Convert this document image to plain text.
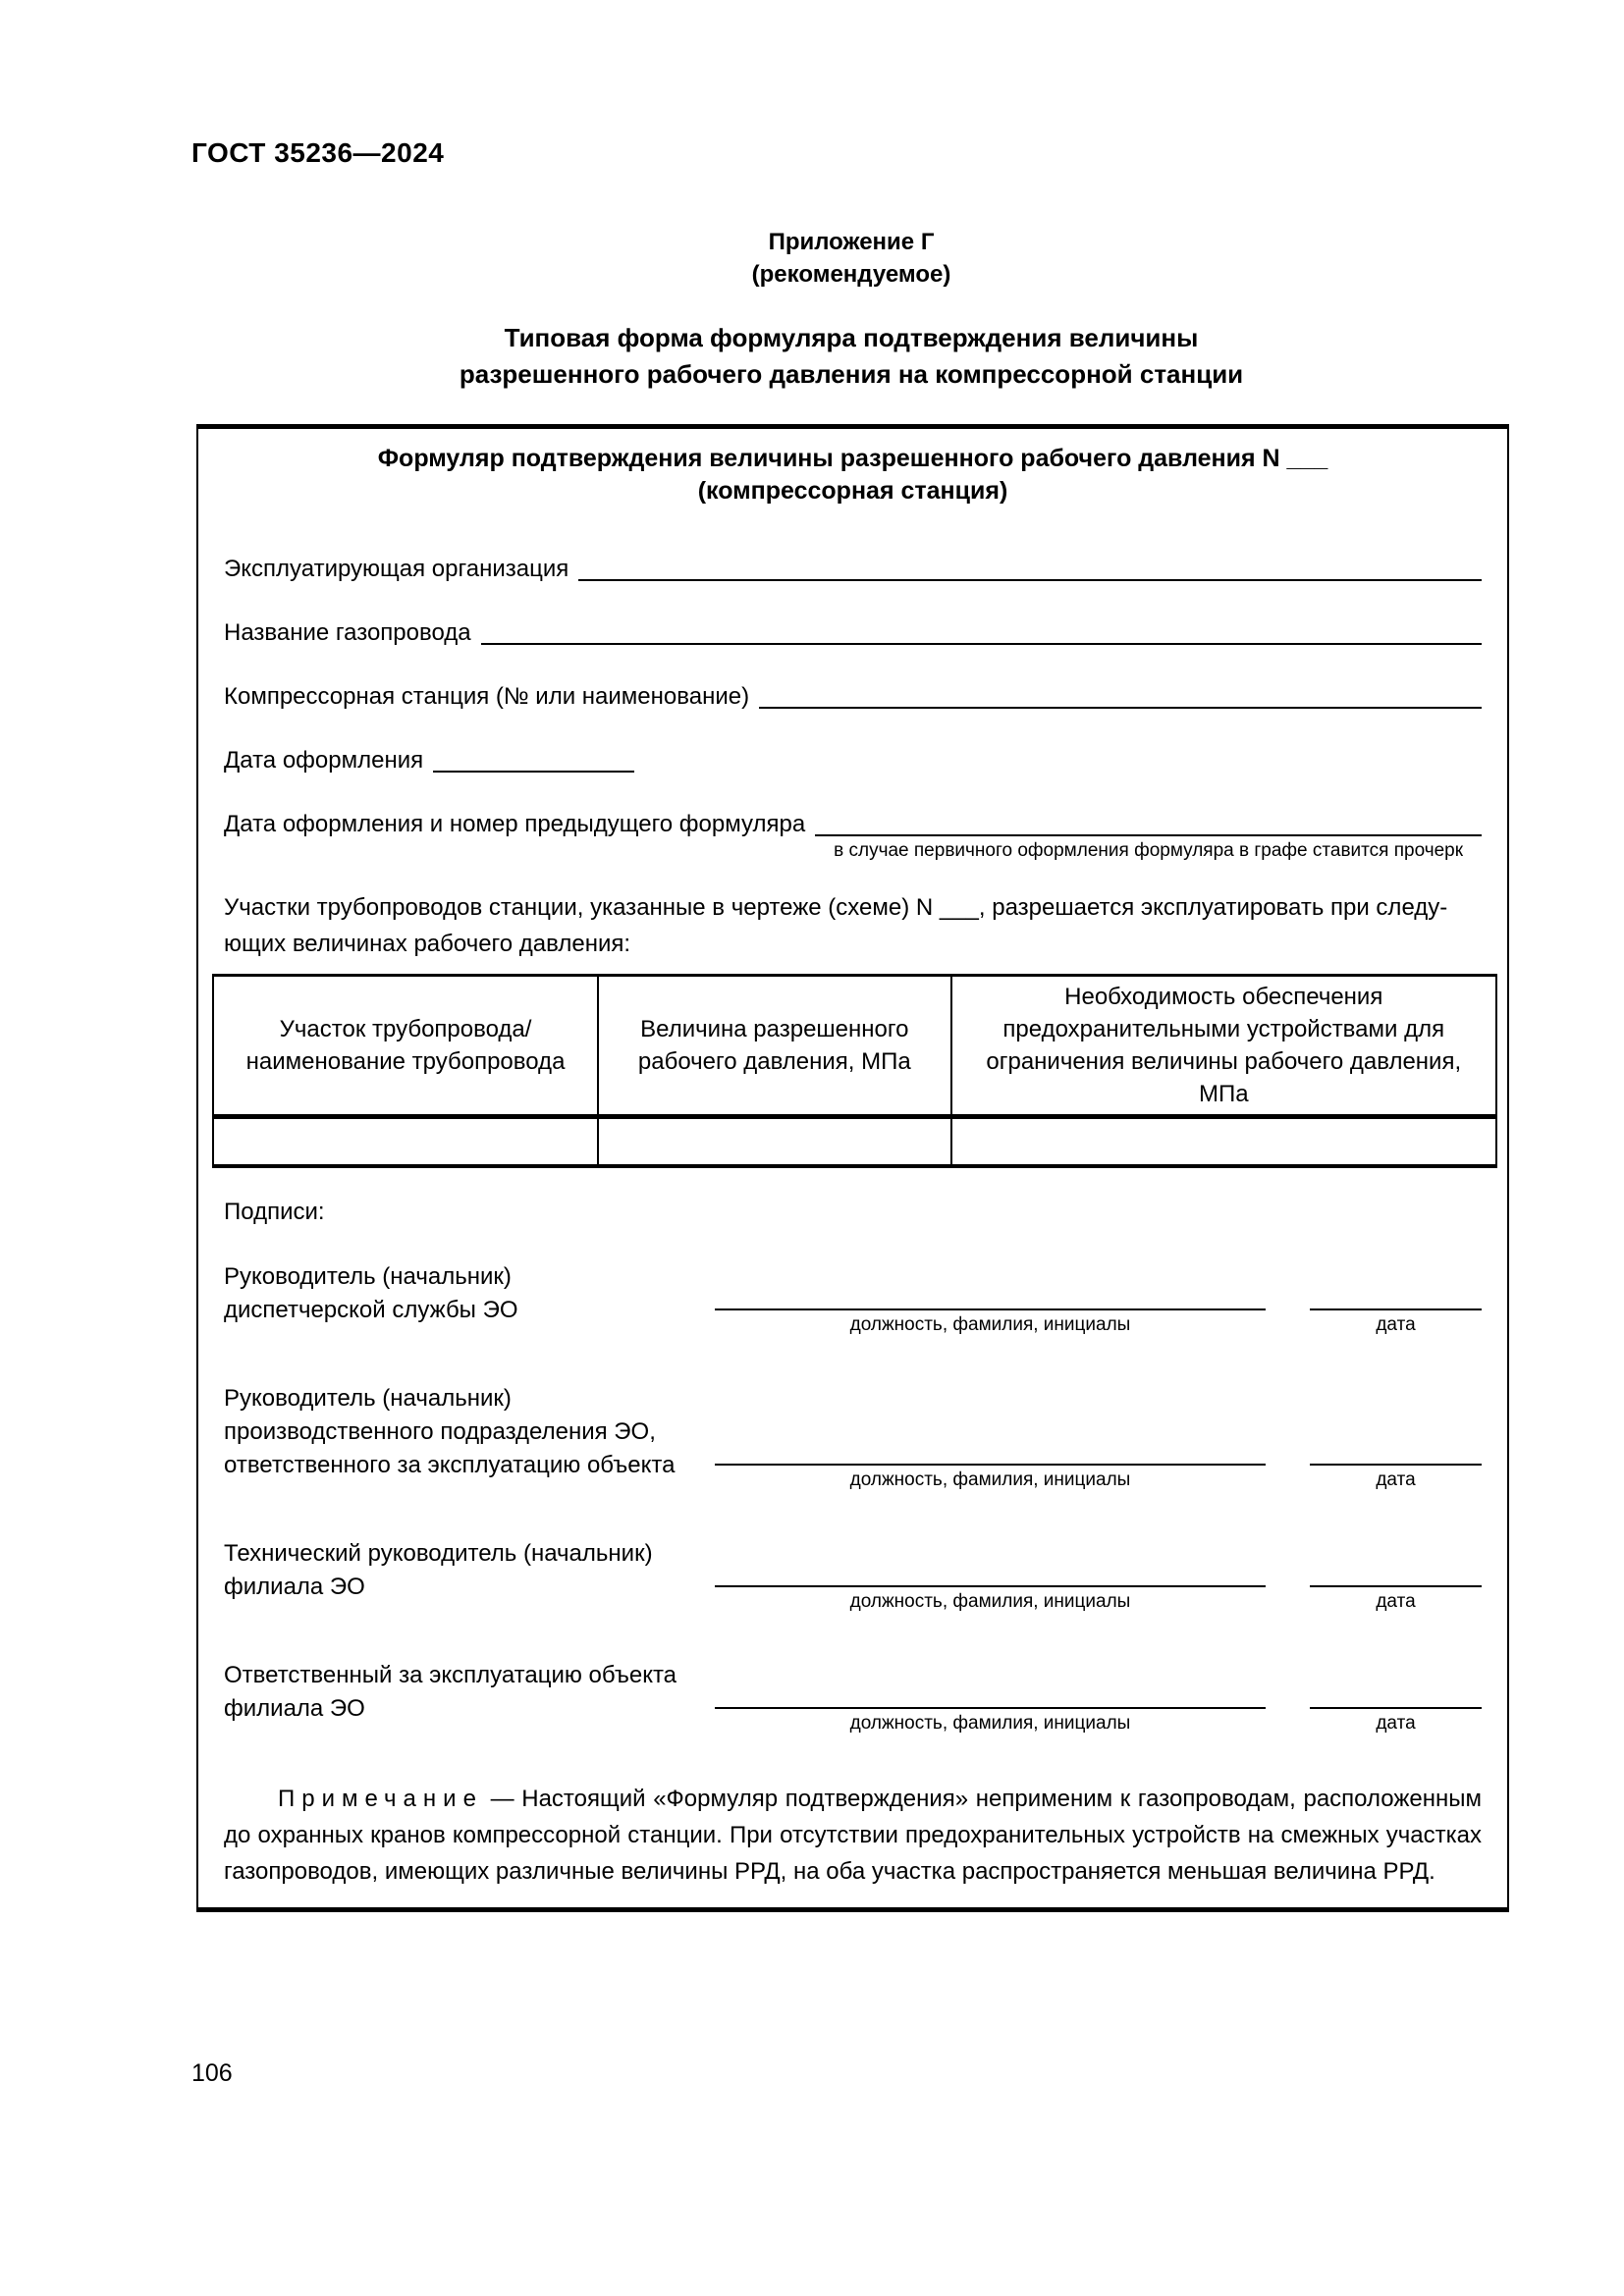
ГОСТ 35236—2024
Приложение Г
(рекомендуемое)
Типовая форма формуляра подтверждения величины
разрешенного рабочего давления на компрессорной станции
Формуляр подтверждения величины разрешенного рабочего давления N ___
(компрессорная станция)
Эксплуатирующая организация
Название газопровода
Компрессорная станция (№ или наименование)
Дата оформления
Дата оформления и номер предыдущего формуляра
в случае первичного оформления формуляра в графе ставится прочерк

Участки трубопроводов станции, указанные в чертеже (схеме) N ___, разрешается эксплуатировать при следу-
ющих величинах рабочего давления:

Участок трубопровода/ наименование трубопровода	Величина разрешенного рабочего давления, МПа	Необходимость обеспечения предохранительными устройствами для ограничения величины рабочего давления, МПа

Подписи:
Руководитель (начальник)
диспетчерской службы ЭО
должность, фамилия, инициалы	дата
Руководитель (начальник)
производственного подразделения ЭО,
ответственного за эксплуатацию объекта
должность, фамилия, инициалы	дата
Технический руководитель (начальник)
филиала ЭО
должность, фамилия, инициалы	дата
Ответственный за эксплуатацию объекта
филиала ЭО
должность, фамилия, инициалы	дата

Примечание — Настоящий «Формуляр подтверждения» неприменим к газопроводам, расположенным до охранных кранов компрессорной станции. При отсутствии предохранительных устройств на смежных участках газопроводов, имеющих различные величины РРД, на оба участка распространяется меньшая величина РРД.

106
